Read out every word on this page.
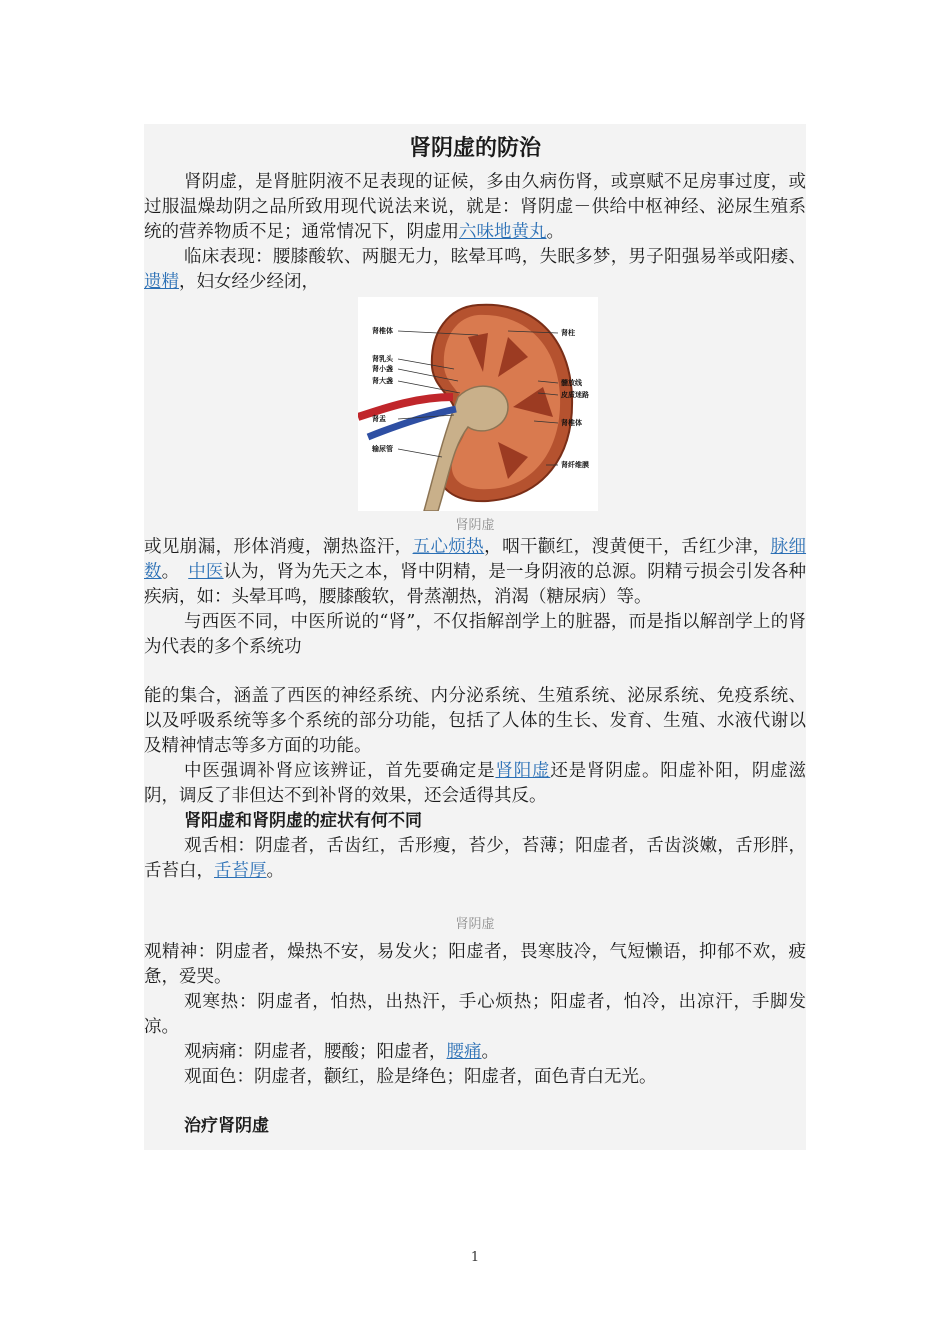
肾阴虚的防治

肾阴虚，是肾脏阴液不足表现的证候，多由久病伤肾，或禀赋不足房事过度，或过服温燥劫阴之品所致用现代说法来说，就是：肾阴虚－供给中枢神经、泌尿生殖系统的营养物质不足；通常情况下，阴虚用六味地黄丸。

临床表现：腰膝酸软、两腿无力，眩晕耳鸣，失眠多梦，男子阳强易举或阳痿、遗精，妇女经少经闭，

肾椎体
肾乳头
肾小盏
肾大盏
肾盂
输尿管
肾柱
髓放线
皮质迷路
肾椎体
肾纤维膜
肾阴虚

或见崩漏，形体消瘦，潮热盗汗，五心烦热，咽干颧红，溲黄便干，舌红少津，脉细数。　中医认为，肾为先天之本，肾中阴精，是一身阴液的总源。阴精亏损会引发各种疾病，如：头晕耳鸣，腰膝酸软，骨蒸潮热，消渴（糖尿病）等。

与西医不同，中医所说的“肾”，不仅指解剖学上的脏器，而是指以解剖学上的肾为代表的多个系统功

能的集合，涵盖了西医的神经系统、内分泌系统、生殖系统、泌尿系统、免疫系统、以及呼吸系统等多个系统的部分功能，包括了人体的生长、发育、生殖、水液代谢以及精神情志等多方面的功能。

中医强调补肾应该辨证，首先要确定是肾阳虚还是肾阴虚。阳虚补阳，阴虚滋阴，调反了非但达不到补肾的效果，还会适得其反。

肾阳虚和肾阴虚的症状有何不同

观舌相：阴虚者，舌齿红，舌形瘦，苔少，苔薄；阳虚者，舌齿淡嫩，舌形胖，舌苔白，舌苔厚。

肾阴虚

观精神：阴虚者，燥热不安，易发火；阳虚者，畏寒肢冷，气短懒语，抑郁不欢，疲惫，爱哭。

观寒热：阴虚者，怕热，出热汗，手心烦热；阳虚者，怕冷，出凉汗，手脚发凉。

观病痛：阴虚者，腰酸；阳虚者，腰痛。

观面色：阴虚者，颧红，脸是绛色；阳虚者，面色青白无光。

治疗肾阴虚
1
